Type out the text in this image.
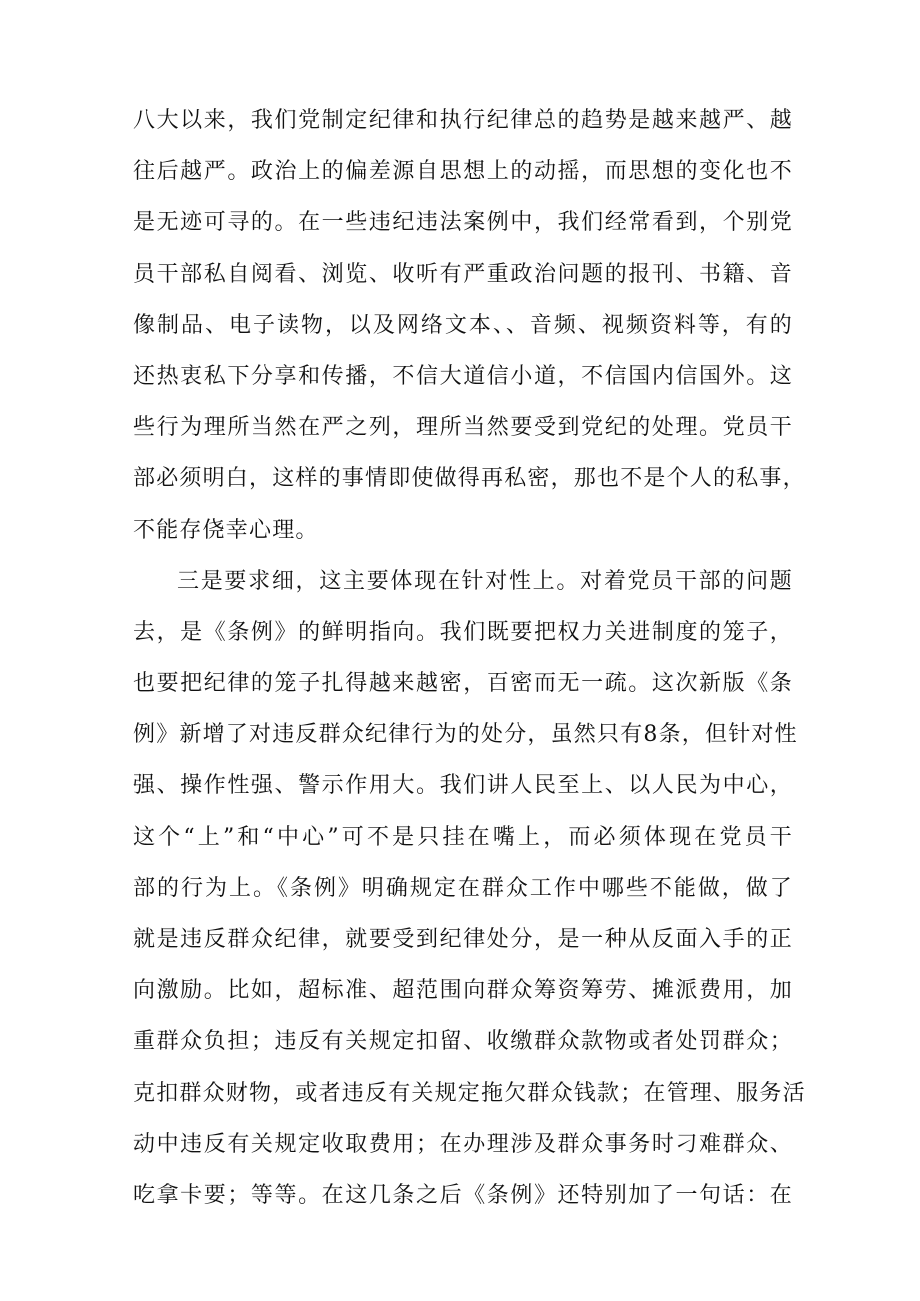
八大以来，我们党制定纪律和执行纪律总的趋势是越来越严、越
往后越严。政治上的偏差源自思想上的动摇，而思想的变化也不
是无迹可寻的。在一些违纪违法案例中，我们经常看到，个别党
员干部私自阅看、浏览、收听有严重政治问题的报刊、书籍、音
像制品、电子读物，以及网络文本、、音频、视频资料等，有的
还热衷私下分享和传播，不信大道信小道，不信国内信国外。这
些行为理所当然在严之列，理所当然要受到党纪的处理。党员干
部必须明白，这样的事情即使做得再私密，那也不是个人的私事，
不能存侥幸心理。
三是要求细，这主要体现在针对性上。对着党员干部的问题
去，是《条例》的鲜明指向。我们既要把权力关进制度的笼子，
也要把纪律的笼子扎得越来越密，百密而无一疏。这次新版《条
例》新增了对违反群众纪律行为的处分，虽然只有8条，但针对性
强、操作性强、警示作用大。我们讲人民至上、以人民为中心，
这个“上”和“中心”可不是只挂在嘴上，而必须体现在党员干
部的行为上。《条例》明确规定在群众工作中哪些不能做，做了
就是违反群众纪律，就要受到纪律处分，是一种从反面入手的正
向激励。比如，超标准、超范围向群众筹资筹劳、摊派费用，加
重群众负担；违反有关规定扣留、收缴群众款物或者处罚群众；
克扣群众财物，或者违反有关规定拖欠群众钱款；在管理、服务活
动中违反有关规定收取费用；在办理涉及群众事务时刁难群众、
吃拿卡要；等等。在这几条之后《条例》还特别加了一句话：在
